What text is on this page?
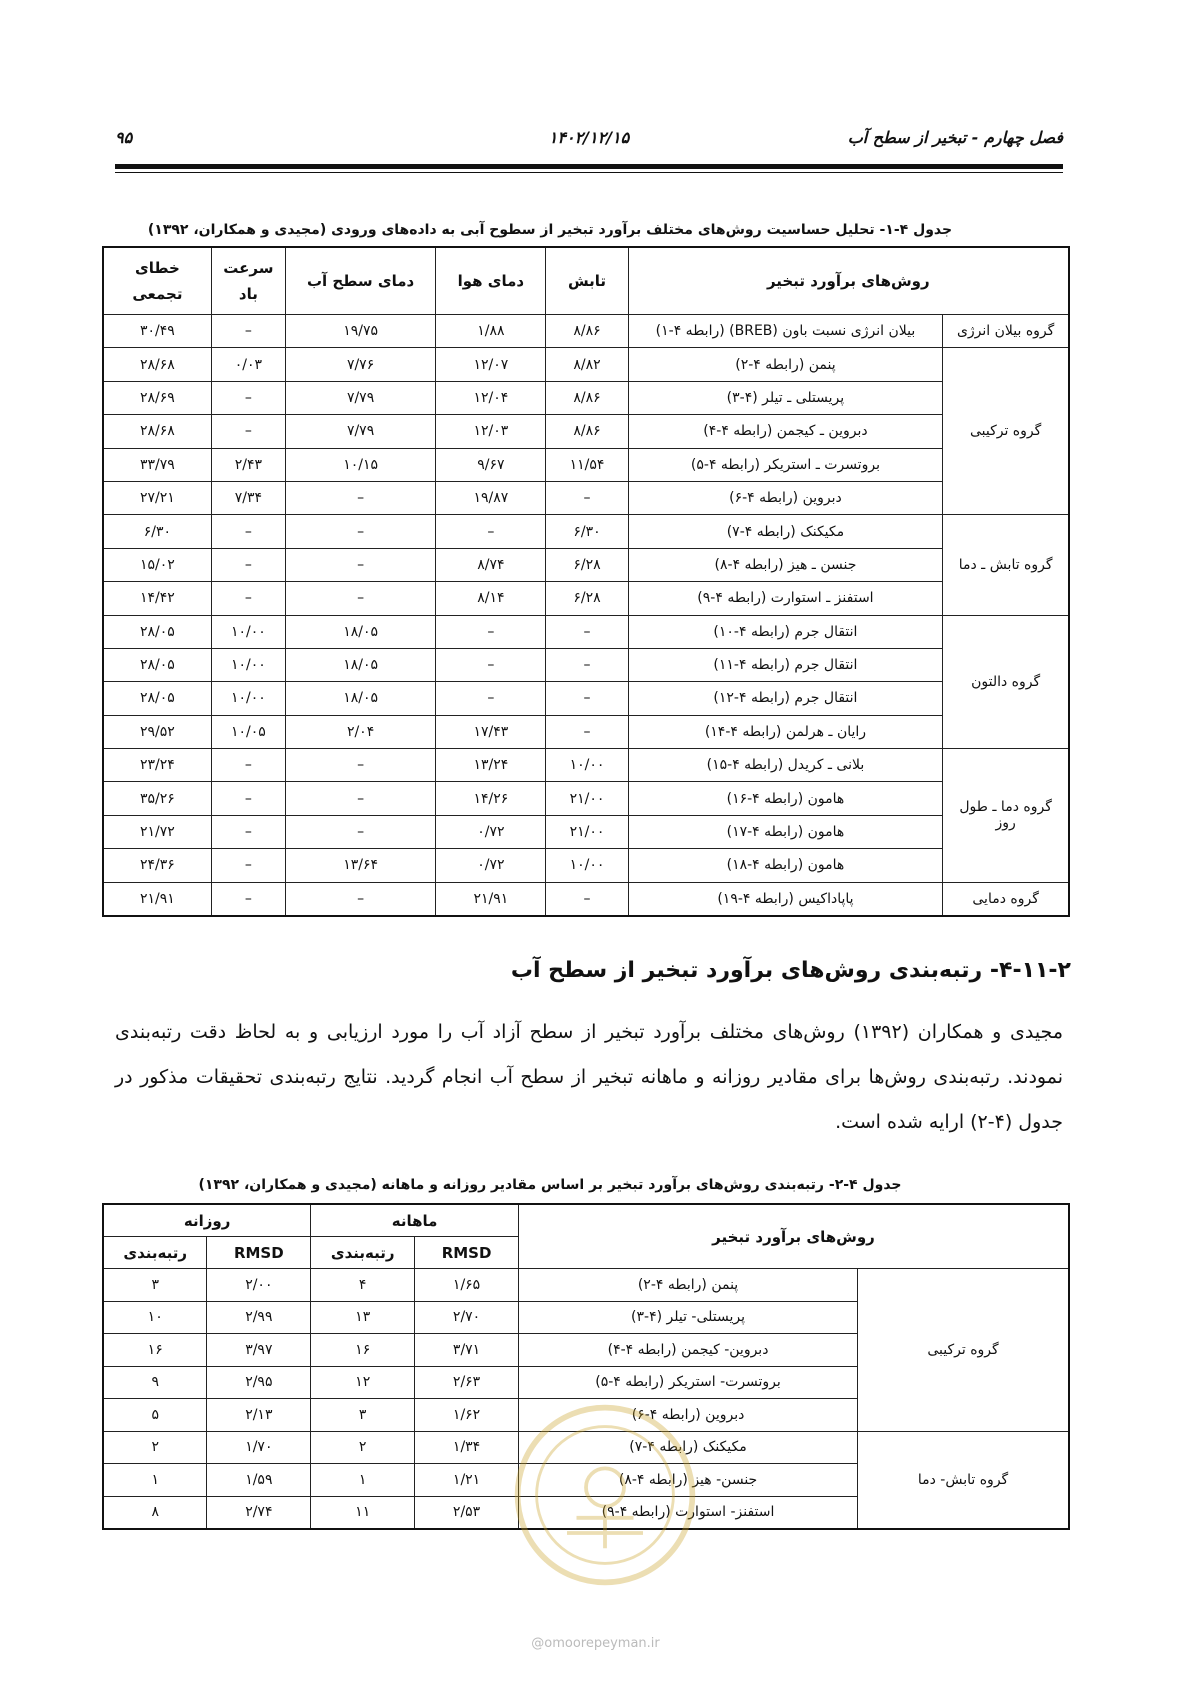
فصل چهارم - تبخیر از سطح آب
۱۴۰۲/۱۲/۱۵
۹۵
جدول ۴-۱- تحلیل حساسیت روش‌های مختلف برآورد تبخیر از سطوح آبی به داده‌های ورودی (مجیدی و همکاران، ۱۳۹۲)
روش‌های برآورد تبخیر		تابش	دمای هوا	دمای سطح آب	سرعت باد	خطای تجمعی
گروه بیلان انرژی	بیلان انرژی نسبت باون (BREB) (رابطه ۴-۱)	۸/۸۶	۱/۸۸	۱۹/۷۵	–	۳۰/۴۹
گروه ترکیبی	پنمن (رابطه ۴-۲)	۸/۸۲	۱۲/۰۷	۷/۷۶	۰/۰۳	۲۸/۶۸
	پریستلی ـ تیلر (۴-۳)	۸/۸۶	۱۲/۰۴	۷/۷۹	–	۲۸/۶۹
	دبروین ـ کیجمن (رابطه ۴-۴)	۸/۸۶	۱۲/۰۳	۷/۷۹	–	۲۸/۶۸
	بروتسرت ـ استریکر (رابطه ۴-۵)	۱۱/۵۴	۹/۶۷	۱۰/۱۵	۲/۴۳	۳۳/۷۹
	دبروین (رابطه ۴-۶)	–	۱۹/۸۷	–	۷/۳۴	۲۷/۲۱
گروه تابش ـ دما	مکیکنک (رابطه ۴-۷)	۶/۳۰	–	–	–	۶/۳۰
	جنسن ـ هیز (رابطه ۴-۸)	۶/۲۸	۸/۷۴	–	–	۱۵/۰۲
	استفنز ـ استوارت (رابطه ۴-۹)	۶/۲۸	۸/۱۴	–	–	۱۴/۴۲
گروه دالتون	انتقال جرم (رابطه ۴-۱۰)	–	–	۱۸/۰۵	۱۰/۰۰	۲۸/۰۵
	انتقال جرم (رابطه ۴-۱۱)	–	–	۱۸/۰۵	۱۰/۰۰	۲۸/۰۵
	انتقال جرم (رابطه ۴-۱۲)	–	–	۱۸/۰۵	۱۰/۰۰	۲۸/۰۵
	رایان ـ هرلمن (رابطه ۴-۱۴)	–	۱۷/۴۳	۲/۰۴	۱۰/۰۵	۲۹/۵۲
گروه دما ـ طول روز	بلانی ـ کریدل (رابطه ۴-۱۵)	۱۰/۰۰	۱۳/۲۴	–	–	۲۳/۲۴
	هامون (رابطه ۴-۱۶)	۲۱/۰۰	۱۴/۲۶	–	–	۳۵/۲۶
	هامون (رابطه ۴-۱۷)	۲۱/۰۰	۰/۷۲	–	–	۲۱/۷۲
	هامون (رابطه ۴-۱۸)	۱۰/۰۰	۰/۷۲	۱۳/۶۴	–	۲۴/۳۶
گروه دمایی	پاپاداکیس (رابطه ۴-۱۹)	–	۲۱/۹۱	–	–	۲۱/۹۱
۴-۱۱-۲- رتبه‌بندی روش‌های برآورد تبخیر از سطح آب
مجیدی و همکاران (۱۳۹۲) روش‌های مختلف برآورد تبخیر از سطح آزاد آب را مورد ارزیابی و به لحاظ دقت رتبه‌بندی نمودند. رتبه‌بندی روش‌ها برای مقادیر روزانه و ماهانه تبخیر از سطح آب انجام گردید. نتایج رتبه‌بندی تحقیقات مذکور در جدول (۴-۲) ارایه شده است.
جدول ۴-۲- رتبه‌بندی روش‌های برآورد تبخیر بر اساس مقادیر روزانه و ماهانه (مجیدی و همکاران، ۱۳۹۲)
روش‌های برآورد تبخیر		ماهانه		روزانه	
		RMSD	رتبه‌بندی	RMSD	رتبه‌بندی
گروه ترکیبی	پنمن (رابطه ۴-۲)	۱/۶۵	۴	۲/۰۰	۳
	پریستلی- تیلر (۴-۳)	۲/۷۰	۱۳	۲/۹۹	۱۰
	دبروین- کیجمن (رابطه ۴-۴)	۳/۷۱	۱۶	۳/۹۷	۱۶
	بروتسرت- استریکر (رابطه ۴-۵)	۲/۶۳	۱۲	۲/۹۵	۹
	دبروین (رابطه ۴-۶)	۱/۶۲	۳	۲/۱۳	۵
گروه تابش- دما	مکیکنک (رابطه ۴-۷)	۱/۳۴	۲	۱/۷۰	۲
	جنسن- هیز (رابطه ۴-۸)	۱/۲۱	۱	۱/۵۹	۱
	استفنز- استوارت (رابطه ۴-۹)	۲/۵۳	۱۱	۲/۷۴	۸
@omoorepeyman.ir
